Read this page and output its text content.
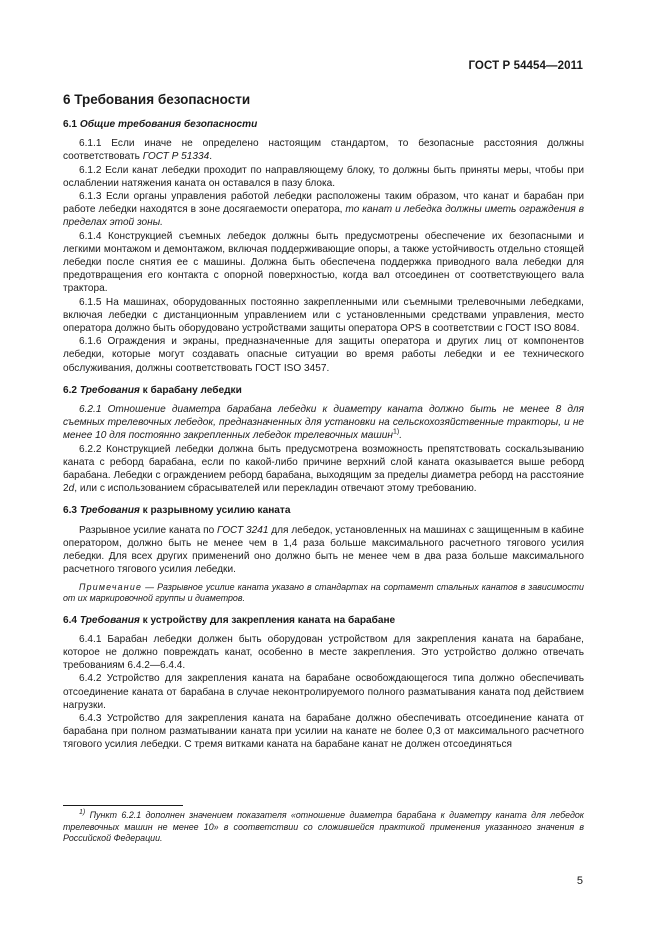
ГОСТ Р 54454—2011
6 Требования безопасности
6.1 Общие требования безопасности

6.1.1 Если иначе не определено настоящим стандартом, то безопасные расстояния должны соответствовать ГОСТ Р 51334.

6.1.2 Если канат лебедки проходит по направляющему блоку, то должны быть приняты меры, чтобы при ослаблении натяжения каната он оставался в пазу блока.

6.1.3 Если органы управления работой лебедки расположены таким образом, что канат и барабан при работе лебедки находятся в зоне досягаемости оператора, то канат и лебедка должны иметь ограждения в пределах этой зоны.

6.1.4 Конструкцией съемных лебедок должны быть предусмотрены обеспечение их безопасными и легкими монтажом и демонтажом, включая поддерживающие опоры, а также устойчивость отдельно стоящей лебедки после снятия ее с машины. Должна быть обеспечена поддержка приводного вала лебедки для предотвращения его контакта с опорной поверхностью, когда вал отсоединен от соответствующего вала трактора.

6.1.5 На машинах, оборудованных постоянно закрепленными или съемными трелевочными лебедками, включая лебедки с дистанционным управлением или с установленными средствами управления, место оператора должно быть оборудовано устройствами защиты оператора OPS в соответствии с ГОСТ ISO 8084.

6.1.6 Ограждения и экраны, предназначенные для защиты оператора и других лиц от компонентов лебедки, которые могут создавать опасные ситуации во время работы лебедки и ее технического обслуживания, должны соответствовать ГОСТ ISO 3457.

6.2 Требования к барабану лебедки

6.2.1 Отношение диаметра барабана лебедки к диаметру каната должно быть не менее 8 для съемных трелевочных лебедок, предназначенных для установки на сельскохозяйственные тракторы, и не менее 10 для постоянно закрепленных лебедок трелевочных машин$^{1)}$.

6.2.2 Конструкцией лебедки должна быть предусмотрена возможность препятствовать соскальзыванию каната с реборд барабана, если по какой-либо причине верхний слой каната оказывается выше реборд барабана. Лебедки с ограждением реборд барабана, выходящим за пределы диаметра реборд на расстояние 2d, или с использованием сбрасывателей или перекладин отвечают этому требованию.

6.3 Требования к разрывному усилию каната

Разрывное усилие каната по ГОСТ 3241 для лебедок, установленных на машинах с защищенным в кабине оператором, должно быть не менее чем в 1,4 раза больше максимального расчетного тягового усилия лебедки. Для всех других применений оно должно быть не менее чем в два раза больше максимального расчетного тягового усилия лебедки.

Примечание — Разрывное усилие каната указано в стандартах на сортамент стальных канатов в зависимости от их маркировочной группы и диаметров.

6.4 Требования к устройству для закрепления каната на барабане

6.4.1 Барабан лебедки должен быть оборудован устройством для закрепления каната на барабане, которое не должно повреждать канат, особенно в месте закрепления. Это устройство должно отвечать требованиям 6.4.2—6.4.4.

6.4.2 Устройство для закрепления каната на барабане освобождающегося типа должно обеспечивать отсоединение каната от барабана в случае неконтролируемого полного разматывания каната под действием нагрузки.

6.4.3 Устройство для закрепления каната на барабане должно обеспечивать отсоединение каната от барабана при полном разматывании каната при усилии на канате не более 0,3 от максимального расчетного тягового усилия лебедки. С тремя витками каната на барабане канат не должен отсоединяться

$^{1)}$ Пункт 6.2.1 дополнен значением показателя «отношение диаметра барабана к диаметру каната для лебедок трелевочных машин не менее 10» в соответствии со сложившейся практикой применения указанного значения в Российской Федерации.
5
